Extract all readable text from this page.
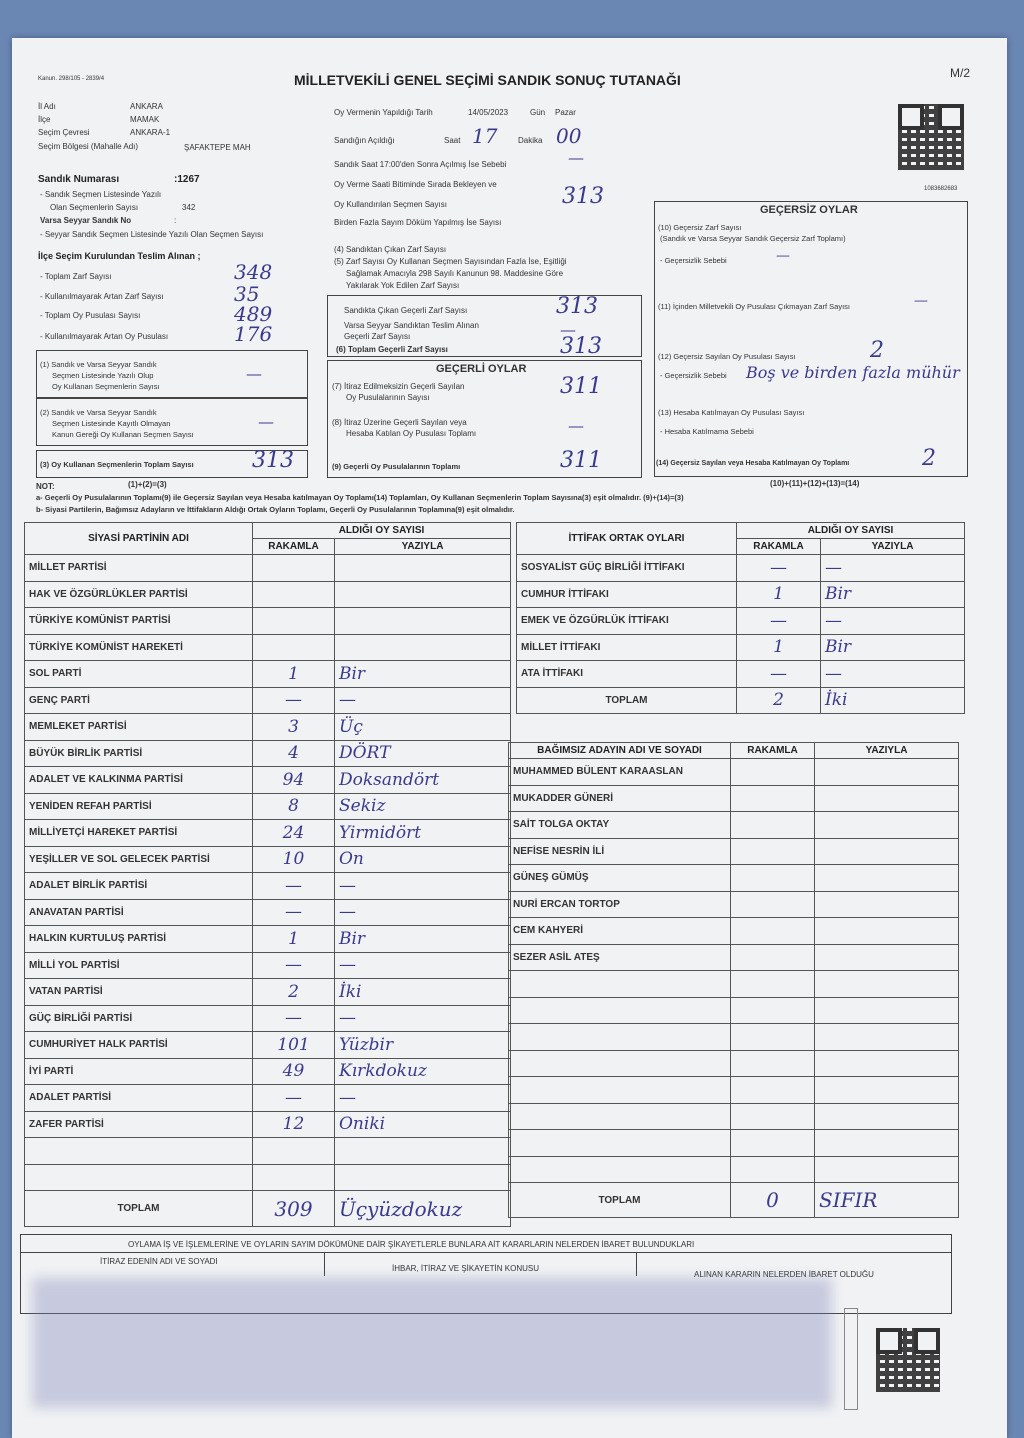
Kanun. 298/105 - 2839/4	MİLLETVEKİLİ GENEL SEÇİMİ SANDIK SONUÇ TUTANAĞI	M/2
1083682683
İl Adı	ANKARA
İlçe	MAMAK
Seçim Çevresi	ANKARA-1
Seçim Bölgesi (Mahalle Adı)	ŞAFAKTEPE MAH
Sandık Numarası	:1267
- Sandık Seçmen Listesinde Yazılı
Olan Seçmenlerin Sayısı	342
Varsa Seyyar Sandık No	:
- Seyyar Sandık Seçmen Listesinde Yazılı Olan Seçmen Sayısı
İlçe Seçim Kurulundan Teslim Alınan ;
- Toplam Zarf Sayısı	348
- Kullanılmayarak Artan Zarf Sayısı	35
- Toplam Oy Pusulası Sayısı	489
- Kullanılmayarak Artan Oy Pusulası	176
Oy Vermenin Yapıldığı Tarih	14/05/2023	Gün Pazar
Sandığın Açıldığı	Saat 17	Dakika 00
Sandık Saat 17:00'den Sonra Açılmış İse Sebebi	—
Oy Verme Saati Bitiminde Sırada Bekleyen ve
Oy Kullandırılan Seçmen Sayısı	313
Birden Fazla Sayım Döküm Yapılmış İse Sayısı
(4) Sandıktan Çıkan Zarf Sayısı
(5) Zarf Sayısı Oy Kullanan Seçmen Sayısından Fazla İse, Eşitliği
Sağlamak Amacıyla 298 Sayılı Kanunun 98. Maddesine Göre
Yakılarak Yok Edilen Zarf Sayısı
Sandıkta Çıkan Geçerli Zarf Sayısı	313
Varsa Seyyar Sandıktan Teslim Alınan
Geçerli Zarf Sayısı	—
(6) Toplam Geçerli Zarf Sayısı	313
(1) Sandık ve Varsa Seyyar Sandık
Seçmen Listesinde Yazılı Olup
Oy Kullanan Seçmenlerin Sayısı
—
(2) Sandık ve Varsa Seyyar Sandık
Seçmen Listesinde Kayıtlı Olmayan
Kanun Gereği Oy Kullanan Seçmen Sayısı
—
(3) Oy Kullanan Seçmenlerin Toplam Sayısı	313
(1)+(2)=(3)
GEÇERLİ OYLAR
(7) İtiraz Edilmeksizin Geçerli Sayılan
Oy Pusulalarının Sayısı	311
(8) İtiraz Üzerine Geçerli Sayılan veya
Hesaba Katılan Oy Pusulası Toplamı	—
(9) Geçerli Oy Pusulalarının Toplamı	311
GEÇERSİZ OYLAR
(10) Geçersiz Zarf Sayısı
(Sandık ve Varsa Seyyar Sandık Geçersiz Zarf Toplamı)
- Geçersizlik Sebebi	—
(11) İçinden Milletvekili Oy Pusulası Çıkmayan Zarf Sayısı	—
(12) Geçersiz Sayılan Oy Pusulası Sayısı	2
- Geçersizlik Sebebi Boş ve birden fazla mühür
(13) Hesaba Katılmayan Oy Pusulası Sayısı
- Hesaba Katılmama Sebebi
(14) Geçersiz Sayılan veya Hesaba Katılmayan Oy Toplamı	2
(10)+(11)+(12)+(13)=(14)
NOT:
a- Geçerli Oy Pusulalarının Toplamı(9) ile Geçersiz Sayılan veya Hesaba katılmayan Oy Toplamı(14) Toplamları, Oy Kullanan Seçmenlerin Toplam Sayısına(3) eşit olmalıdır. (9)+(14)=(3)
b- Siyasi Partilerin, Bağımsız Adayların ve İttifakların Aldığı Ortak Oyların Toplamı, Geçerli Oy Pusulalarının Toplamına(9) eşit olmalıdır.
SİYASİ PARTİNİN ADI	ALDIĞI OY SAYISI	
	RAKAMLA	YAZIYLA
MİLLET PARTİSİ		
HAK VE ÖZGÜRLÜKLER PARTİSİ		
TÜRKİYE KOMÜNİST PARTİSİ		
TÜRKİYE KOMÜNİST HAREKETİ		
SOL PARTİ	1	Bir
GENÇ PARTİ	—	—
MEMLEKET PARTİSİ	3	Üç
BÜYÜK BİRLİK PARTİSİ	4	DÖRT
ADALET VE KALKINMA PARTİSİ	94	Doksandört
YENİDEN REFAH PARTİSİ	8	Sekiz
MİLLİYETÇİ HAREKET PARTİSİ	24	Yirmidört
YEŞİLLER VE SOL GELECEK PARTİSİ	10	On
ADALET BİRLİK PARTİSİ	—	—
ANAVATAN PARTİSİ	—	—
HALKIN KURTULUŞ PARTİSİ	1	Bir
MİLLİ YOL PARTİSİ	—	—
VATAN PARTİSİ	2	İki
GÜÇ BİRLİĞİ PARTİSİ	—	—
CUMHURİYET HALK PARTİSİ	101	Yüzbir
İYİ PARTİ	49	Kırkdokuz
ADALET PARTİSİ	—	—
ZAFER PARTİSİ	12	Oniki

TOPLAM	309	Üçyüzdokuz
İTTİFAK ORTAK OYLARI	ALDIĞI OY SAYISI	
	RAKAMLA	YAZIYLA
SOSYALİST GÜÇ BİRLİĞİ İTTİFAKI	—	—
CUMHUR İTTİFAKI	1	Bir
EMEK VE ÖZGÜRLÜK İTTİFAKI	—	—
MİLLET İTTİFAKI	1	Bir
ATA İTTİFAKI	—	—
TOPLAM	2	İki
BAĞIMSIZ ADAYIN ADI VE SOYADI	RAKAMLA	YAZIYLA
MUHAMMED BÜLENT KARAASLAN		
MUKADDER GÜNERİ		
SAİT TOLGA OKTAY		
NEFİSE NESRİN İLİ		
GÜNEŞ GÜMÜŞ		
NURİ ERCAN TORTOP		
CEM KAHYERİ		
SEZER ASİL ATEŞ		

TOPLAM	0	SIFIR
OYLAMA İŞ VE İŞLEMLERİNE VE OYLARIN SAYIM DÖKÜMÜNE DAİR ŞİKAYETLERLE BUNLARA AİT KARARLARIN NELERDEN İBARET BULUNDUKLARI
İTİRAZ EDENİN ADI VE SOYADI
İHBAR, İTİRAZ VE ŞİKAYETİN KONUSU
ALINAN KARARIN NELERDEN İBARET OLDUĞU
